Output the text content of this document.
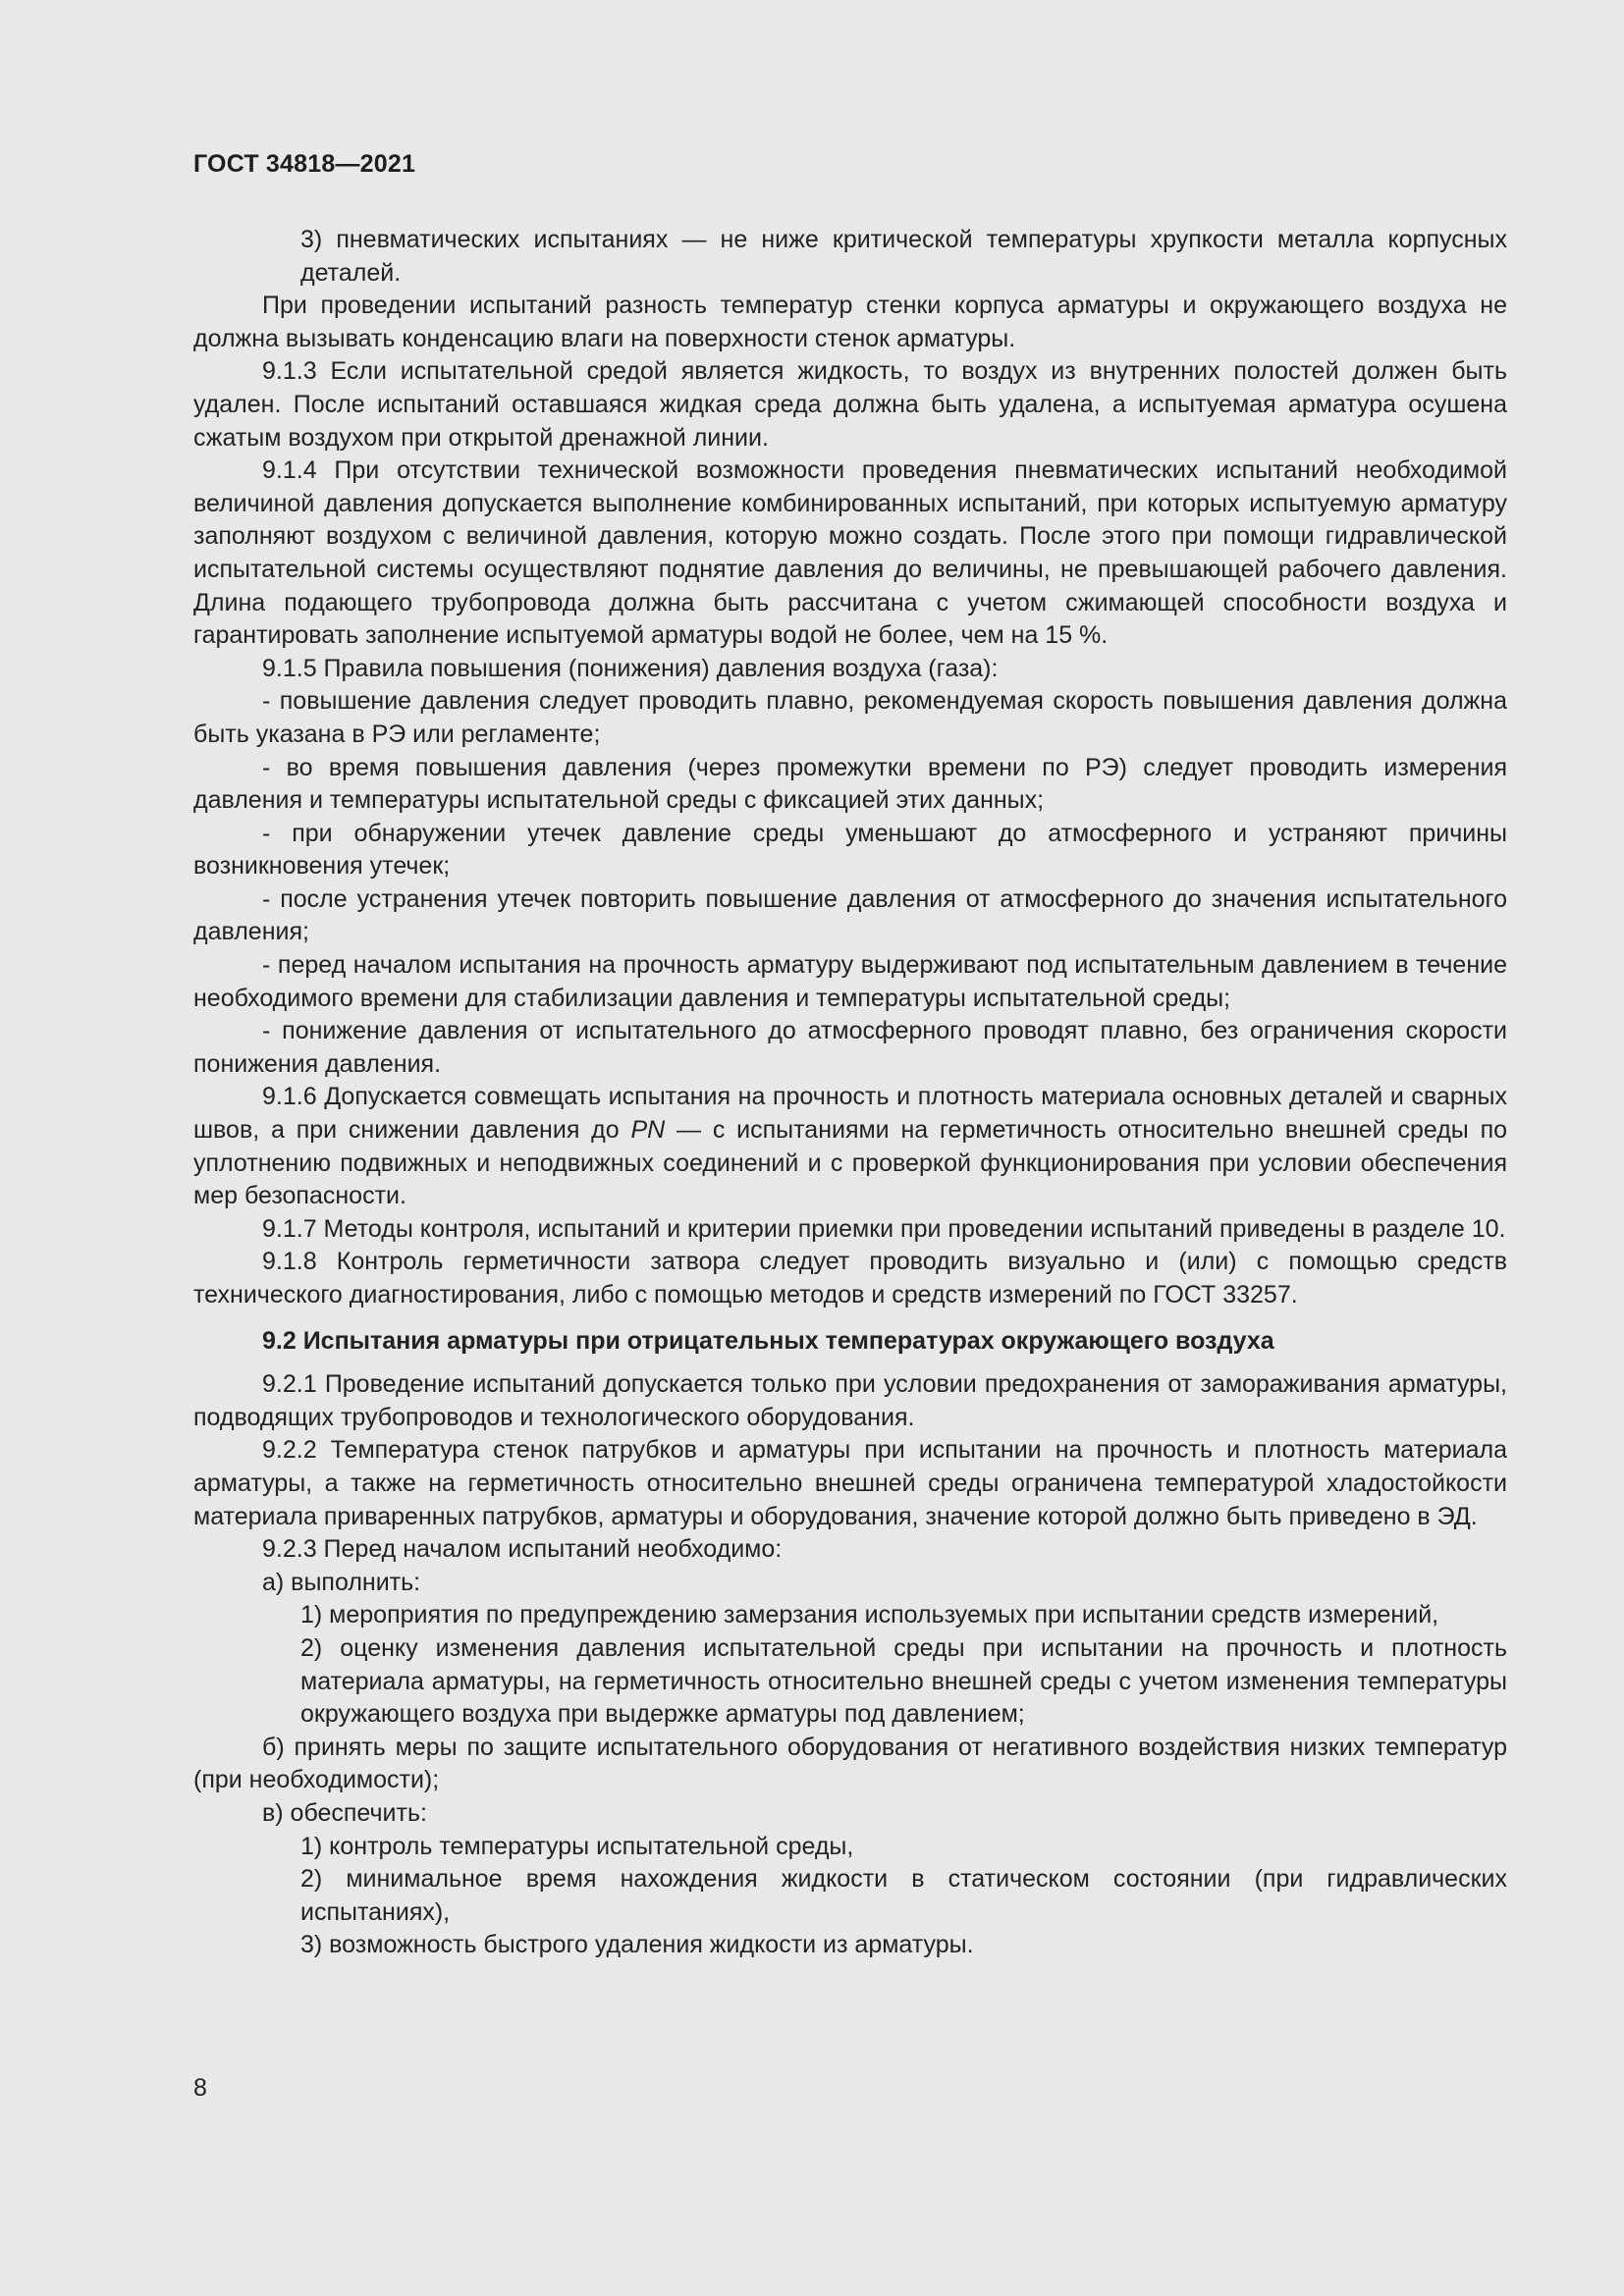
ГОСТ 34818—2021

3) пневматических испытаниях — не ниже критической температуры хрупкости металла корпусных деталей.

При проведении испытаний разность температур стенки корпуса арматуры и окружающего воздуха не должна вызывать конденсацию влаги на поверхности стенок арматуры.

9.1.3 Если испытательной средой является жидкость, то воздух из внутренних полостей должен быть удален. После испытаний оставшаяся жидкая среда должна быть удалена, а испытуемая арматура осушена сжатым воздухом при открытой дренажной линии.

9.1.4 При отсутствии технической возможности проведения пневматических испытаний необходимой величиной давления допускается выполнение комбинированных испытаний, при которых испытуемую арматуру заполняют воздухом с величиной давления, которую можно создать. После этого при помощи гидравлической испытательной системы осуществляют поднятие давления до величины, не превышающей рабочего давления. Длина подающего трубопровода должна быть рассчитана с учетом сжимающей способности воздуха и гарантировать заполнение испытуемой арматуры водой не более, чем на 15 %.

9.1.5 Правила повышения (понижения) давления воздуха (газа):

- повышение давления следует проводить плавно, рекомендуемая скорость повышения давления должна быть указана в РЭ или регламенте;

- во время повышения давления (через промежутки времени по РЭ) следует проводить измерения давления и температуры испытательной среды с фиксацией этих данных;

- при обнаружении утечек давление среды уменьшают до атмосферного и устраняют причины возникновения утечек;

- после устранения утечек повторить повышение давления от атмосферного до значения испытательного давления;

- перед началом испытания на прочность арматуру выдерживают под испытательным давлением в течение необходимого времени для стабилизации давления и температуры испытательной среды;

- понижение давления от испытательного до атмосферного проводят плавно, без ограничения скорости понижения давления.

9.1.6 Допускается совмещать испытания на прочность и плотность материала основных деталей и сварных швов, а при снижении давления до PN — с испытаниями на герметичность относительно внешней среды по уплотнению подвижных и неподвижных соединений и с проверкой функционирования при условии обеспечения мер безопасности.

9.1.7 Методы контроля, испытаний и критерии приемки при проведении испытаний приведены в разделе 10.

9.1.8 Контроль герметичности затвора следует проводить визуально и (или) с помощью средств технического диагностирования, либо с помощью методов и средств измерений по ГОСТ 33257.

9.2 Испытания арматуры при отрицательных температурах окружающего воздуха

9.2.1 Проведение испытаний допускается только при условии предохранения от замораживания арматуры, подводящих трубопроводов и технологического оборудования.

9.2.2 Температура стенок патрубков и арматуры при испытании на прочность и плотность материала арматуры, а также на герметичность относительно внешней среды ограничена температурой хладостойкости материала приваренных патрубков, арматуры и оборудования, значение которой должно быть приведено в ЭД.

9.2.3 Перед началом испытаний необходимо:

а) выполнить:

1) мероприятия по предупреждению замерзания используемых при испытании средств измерений,

2) оценку изменения давления испытательной среды при испытании на прочность и плотность материала арматуры, на герметичность относительно внешней среды с учетом изменения температуры окружающего воздуха при выдержке арматуры под давлением;

б) принять меры по защите испытательного оборудования от негативного воздействия низких температур (при необходимости);

в) обеспечить:

1) контроль температуры испытательной среды,

2) минимальное время нахождения жидкости в статическом состоянии (при гидравлических испытаниях),

3) возможность быстрого удаления жидкости из арматуры.

8
